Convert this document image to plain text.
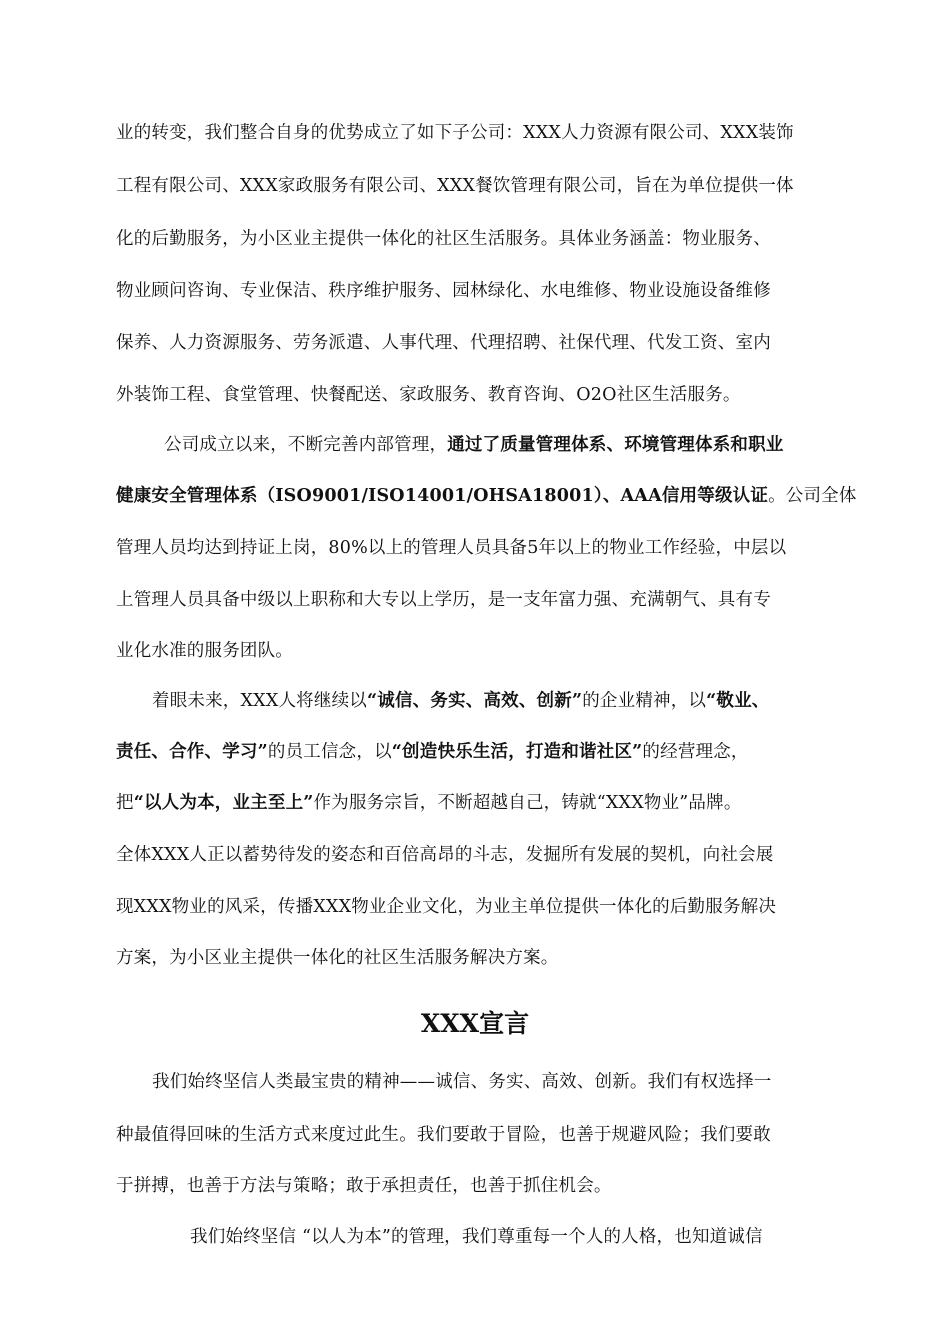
业的转变，我们整合自身的优势成立了如下子公司：XXX人力资源有限公司、XXX装饰
工程有限公司、XXX家政服务有限公司、XXX餐饮管理有限公司，旨在为单位提供一体
化的后勤服务，为小区业主提供一体化的社区生活服务。具体业务涵盖：物业服务、
物业顾问咨询、专业保洁、秩序维护服务、园林绿化、水电维修、物业设施设备维修
保养、人力资源服务、劳务派遣、人事代理、代理招聘、社保代理、代发工资、室内
外装饰工程、食堂管理、快餐配送、家政服务、教育咨询、O2O社区生活服务。
公司成立以来，不断完善内部管理，通过了质量管理体系、环境管理体系和职业
健康安全管理体系（ISO9001/ISO14001/OHSA18001）、AAA信用等级认证。公司全体
管理人员均达到持证上岗，80%以上的管理人员具备5年以上的物业工作经验，中层以
上管理人员具备中级以上职称和大专以上学历，是一支年富力强、充满朝气、具有专
业化水准的服务团队。
着眼未来，XXX人将继续以“诚信、务实、高效、创新”的企业精神，以“敬业、
责任、合作、学习”的员工信念，以“创造快乐生活，打造和谐社区”的经营理念，
把“以人为本，业主至上”作为服务宗旨，不断超越自己，铸就“XXX物业”品牌。
全体XXX人正以蓄势待发的姿态和百倍高昂的斗志，发掘所有发展的契机，向社会展
现XXX物业的风采，传播XXX物业企业文化，为业主单位提供一体化的后勤服务解决
方案，为小区业主提供一体化的社区生活服务解决方案。
XXX宣言
我们始终坚信人类最宝贵的精神——诚信、务实、高效、创新。我们有权选择一
种最值得回味的生活方式来度过此生。我们要敢于冒险，也善于规避风险；我们要敢
于拼搏，也善于方法与策略；敢于承担责任，也善于抓住机会。
我们始终坚信 “以人为本”的管理，我们尊重每一个人的人格，也知道诚信
